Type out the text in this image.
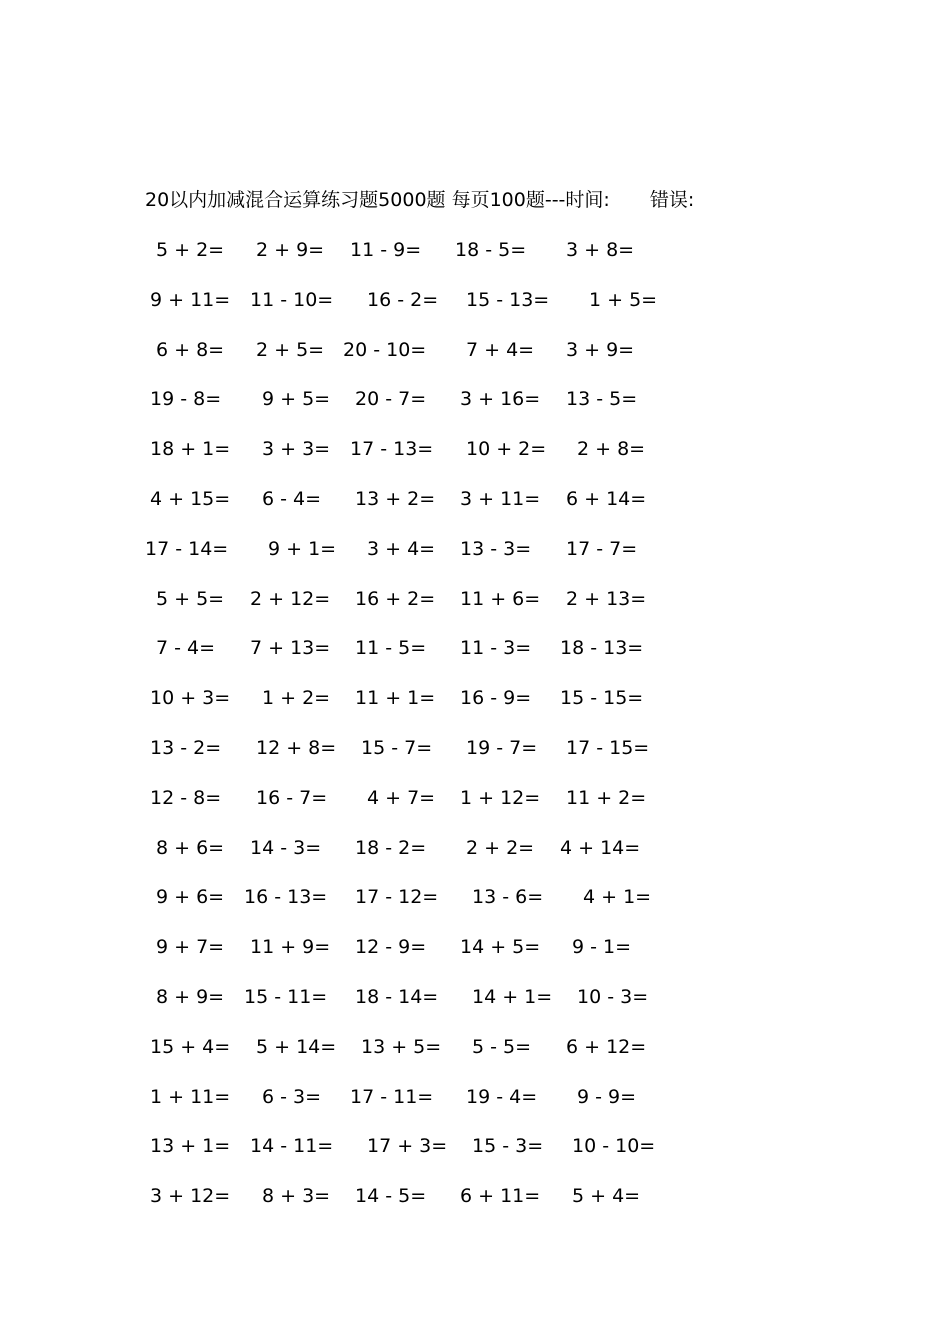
20以内加减混合运算练习题5000题 每页100题---时间: 错误:
5 + 2= 2 + 9= 11 - 9= 18 - 5= 3 + 8=
9 + 11= 11 - 10= 16 - 2= 15 - 13= 1 + 5=
6 + 8= 2 + 5= 20 - 10= 7 + 4= 3 + 9=
19 - 8= 9 + 5= 20 - 7= 3 + 16= 13 - 5=
18 + 1= 3 + 3= 17 - 13= 10 + 2= 2 + 8=
4 + 15= 6 - 4= 13 + 2= 3 + 11= 6 + 14=
17 - 14= 9 + 1= 3 + 4= 13 - 3= 17 - 7=
5 + 5= 2 + 12= 16 + 2= 11 + 6= 2 + 13=
7 - 4= 7 + 13= 11 - 5= 11 - 3= 18 - 13=
10 + 3= 1 + 2= 11 + 1= 16 - 9= 15 - 15=
13 - 2= 12 + 8= 15 - 7= 19 - 7= 17 - 15=
12 - 8= 16 - 7= 4 + 7= 1 + 12= 11 + 2=
8 + 6= 14 - 3= 18 - 2= 2 + 2= 4 + 14=
9 + 6= 16 - 13= 17 - 12= 13 - 6= 4 + 1=
9 + 7= 11 + 9= 12 - 9= 14 + 5= 9 - 1=
8 + 9= 15 - 11= 18 - 14= 14 + 1= 10 - 3=
15 + 4= 5 + 14= 13 + 5= 5 - 5= 6 + 12=
1 + 11= 6 - 3= 17 - 11= 19 - 4= 9 - 9=
13 + 1= 14 - 11= 17 + 3= 15 - 3= 10 - 10=
3 + 12= 8 + 3= 14 - 5= 6 + 11= 5 + 4=
